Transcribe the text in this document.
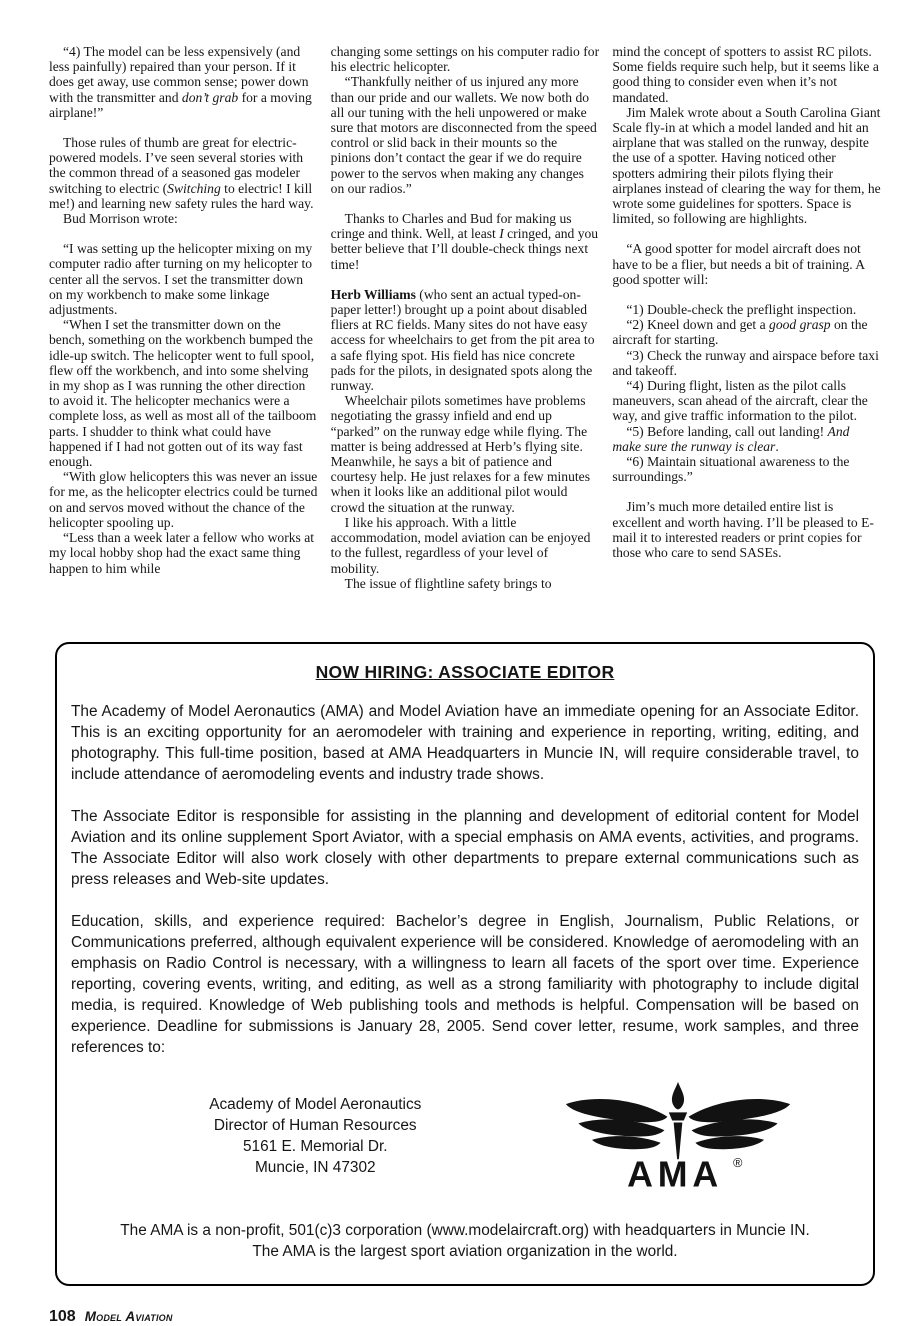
“4) The model can be less expensively (and less painfully) repaired than your person. If it does get away, use common sense; power down with the transmitter and don’t grab for a moving airplane!”

Those rules of thumb are great for electric-powered models. I’ve seen several stories with the common thread of a seasoned gas modeler switching to electric (Switching to electric! I kill me!) and learning new safety rules the hard way.

Bud Morrison wrote:

“I was setting up the helicopter mixing on my computer radio after turning on my helicopter to center all the servos. I set the transmitter down on my workbench to make some linkage adjustments.

“When I set the transmitter down on the bench, something on the workbench bumped the idle-up switch. The helicopter went to full spool, flew off the workbench, and into some shelving in my shop as I was running the other direction to avoid it. The helicopter mechanics were a complete loss, as well as most all of the tailboom parts. I shudder to think what could have happened if I had not gotten out of its way fast enough.

“With glow helicopters this was never an issue for me, as the helicopter electrics could be turned on and servos moved without the chance of the helicopter spooling up.

“Less than a week later a fellow who works at my local hobby shop had the exact same thing happen to him while

changing some settings on his computer radio for his electric helicopter.

“Thankfully neither of us injured any more than our pride and our wallets. We now both do all our tuning with the heli unpowered or make sure that motors are disconnected from the speed control or slid back in their mounts so the pinions don’t contact the gear if we do require power to the servos when making any changes on our radios.”

Thanks to Charles and Bud for making us cringe and think. Well, at least I cringed, and you better believe that I’ll double-check things next time!

Herb Williams (who sent an actual typed-on-paper letter!) brought up a point about disabled fliers at RC fields. Many sites do not have easy access for wheelchairs to get from the pit area to a safe flying spot. His field has nice concrete pads for the pilots, in designated spots along the runway.

Wheelchair pilots sometimes have problems negotiating the grassy infield and end up “parked” on the runway edge while flying. The matter is being addressed at Herb’s flying site. Meanwhile, he says a bit of patience and courtesy help. He just relaxes for a few minutes when it looks like an additional pilot would crowd the situation at the runway.

I like his approach. With a little accommodation, model aviation can be enjoyed to the fullest, regardless of your level of mobility.

The issue of flightline safety brings to

mind the concept of spotters to assist RC pilots. Some fields require such help, but it seems like a good thing to consider even when it’s not mandated.

Jim Malek wrote about a South Carolina Giant Scale fly-in at which a model landed and hit an airplane that was stalled on the runway, despite the use of a spotter. Having noticed other spotters admiring their pilots flying their airplanes instead of clearing the way for them, he wrote some guidelines for spotters. Space is limited, so following are highlights.

“A good spotter for model aircraft does not have to be a flier, but needs a bit of training. A good spotter will:

“1) Double-check the preflight inspection.

“2) Kneel down and get a good grasp on the aircraft for starting.

“3) Check the runway and airspace before taxi and takeoff.

“4) During flight, listen as the pilot calls maneuvers, scan ahead of the aircraft, clear the way, and give traffic information to the pilot.

“5) Before landing, call out landing! And make sure the runway is clear.

“6) Maintain situational awareness to the surroundings.”

Jim’s much more detailed entire list is excellent and worth having. I’ll be pleased to E-mail it to interested readers or print copies for those who care to send SASEs.

NOW HIRING: ASSOCIATE EDITOR

The Academy of Model Aeronautics (AMA) and Model Aviation have an immediate opening for an Associate Editor. This is an exciting opportunity for an aeromodeler with training and experience in reporting, writing, editing, and photography. This full-time position, based at AMA Headquarters in Muncie IN, will require considerable travel, to include attendance of aeromodeling events and industry trade shows.

The Associate Editor is responsible for assisting in the planning and development of editorial content for Model Aviation and its online supplement Sport Aviator, with a special emphasis on AMA events, activities, and programs. The Associate Editor will also work closely with other departments to prepare external communications such as press releases and Web-site updates.

Education, skills, and experience required: Bachelor’s degree in English, Journalism, Public Relations, or Communications preferred, although equivalent experience will be considered. Knowledge of aeromodeling with an emphasis on Radio Control is necessary, with a willingness to learn all facets of the sport over time. Experience reporting, covering events, writing, and editing, as well as a strong familiarity with photography to include digital media, is required. Knowledge of Web publishing tools and methods is helpful. Compensation will be based on experience. Deadline for submissions is January 28, 2005. Send cover letter, resume, work samples, and three references to:

Academy of Model Aeronautics

Director of Human Resources

5161 E. Memorial Dr.

Muncie, IN 47302	AMA ®

The AMA is a non-profit, 501(c)3 corporation (www.modelaircraft.org) with headquarters in Muncie IN.

The AMA is the largest sport aviation organization in the world.

108 Model Aviation
